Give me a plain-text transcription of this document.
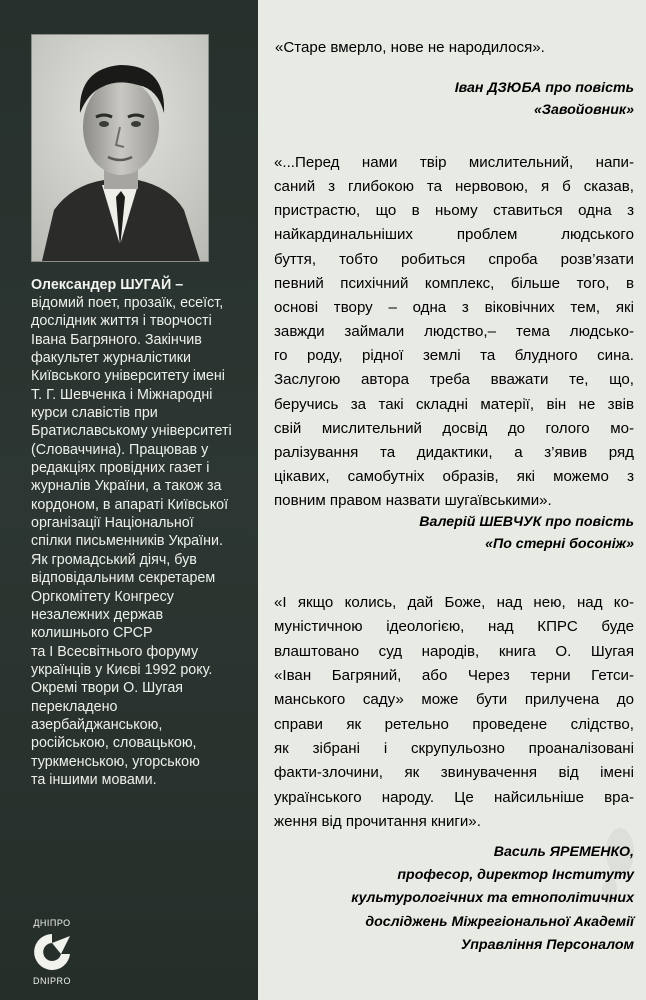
Олександер ШУГАЙ –
відомий поет, прозаїк, есеїст,
дослідник життя і творчості
Івана Багряного. Закінчив
факультет журналістики
Київського університету імені
Т. Г. Шевченка і Міжнародні
курси славістів при
Братиславському університеті
(Словаччина). Працював у
редакціях провідних газет і
журналів України, а також за
кордоном, в апараті Київської
організації Національної
спілки письменників України.
Як громадський діяч, був
відповідальним секретарем
Оргкомітету Конгресу
незалежних держав
колишнього СРСР
та І Всесвітнього форуму
українців у Києві 1992 року.
Окремі твори О. Шугая
перекладено
азербайджанською,
російською, словацькою,
туркменською, угорською
та іншими мовами.
ДНІПРО
DNIPRO
«Старе вмерло, нове не народилося».
Іван ДЗЮБА про повість
«Завойовник»
«...Перед нами твір мислительний, напи-
саний з глибокою та нервовою, я б сказав,
пристрастю, що в ньому ставиться одна з
найкардинальніших проблем людського
буття, тобто робиться спроба розв’язати
певний психічний комплекс, більше того, в
основі твору – одна з віковічних тем, які
завжди займали людство,– тема людсько-
го роду, рідної землі та блудного сина.
Заслугою автора треба вважати те, що,
беручись за такі складні матерії, він не звів
свій мислительний досвід до голого мо-
ралізування та дидактики, а з’явив ряд
цікавих, самобутніх образів, які можемо з
повним правом назвати шугаївськими».
Валерій ШЕВЧУК про повість
«По стерні босоніж»
«І якщо колись, дай Боже, над нею, над ко-
муністичною ідеологією, над КПРС буде
влаштовано суд народів, книга О. Шугая
«Іван Багряний, або Через терни Гетси-
манського саду» може бути прилучена до
справи як ретельно проведене слідство,
як зібрані і скрупульозно проаналізовані
факти-злочини, як звинувачення від імені
українського народу. Це найсильніше вра-
ження від прочитання книги».
Василь ЯРЕМЕНКО,
професор, директор Інституту
культурологічних та етнополітичних
досліджень Міжрегіональної Академії
Управління Персоналом
